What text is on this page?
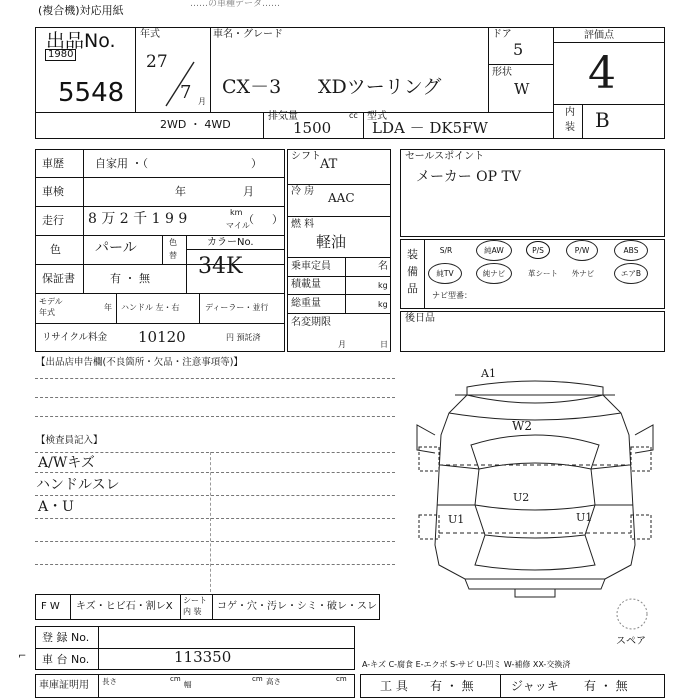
……の車種データ……
(複合機)対応用紙
出品No.
1980
5548
年式
27
7 月
車名・グレード
CX－3 XDツーリング
ドア
5
形状
W
評価点
4
内
装 B
2WD ・ 4WD
排気量	cc
1500
型式
LDA － DK5FW
車歴	自家用 ・（	）
車検	年	月
走行 8 万 2 千 1 9 9	km
マイル
（ ）
色 パール	色
替
カラーNo.
34K
保証書	有 ・ 無
モデル
年式
年 ハンドル 左・右	ディーラー・並行
リサイクル料金 10120	円 預託済
シフト
AT
冷 房 AAC
燃 料
軽油
乗車定員	名
積載量	kg
総重量	kg
名変期限
月	日
セールスポイント
メーカー OP TV
装
備
品
S/R	純AW	P/S	P/W	ABS
純TV	純ナビ	革シート	外ナビ	エアB
ナビ型番：
後日品
【出品店申告欄(不良箇所・欠品・注意事項等)】
【検査員記入】
A/Wキズ
ハンドルスレ
A・U
A1
W2
U2
U1	U1
スペア
F W キズ・ヒビ石・割レX
シート
内 装 コゲ・穴・汚レ・シミ・破レ・スレ
登 録 No.
車 台 No.	113350
⌐
A-キズ C-腐食 E-エクボ S-サビ U-凹ミ W-補修 XX-交換済
車庫証明用 長さ	cm
幅
cm 高さ	cm	工 具 有 ・ 無	ジャッキ 有 ・ 無
